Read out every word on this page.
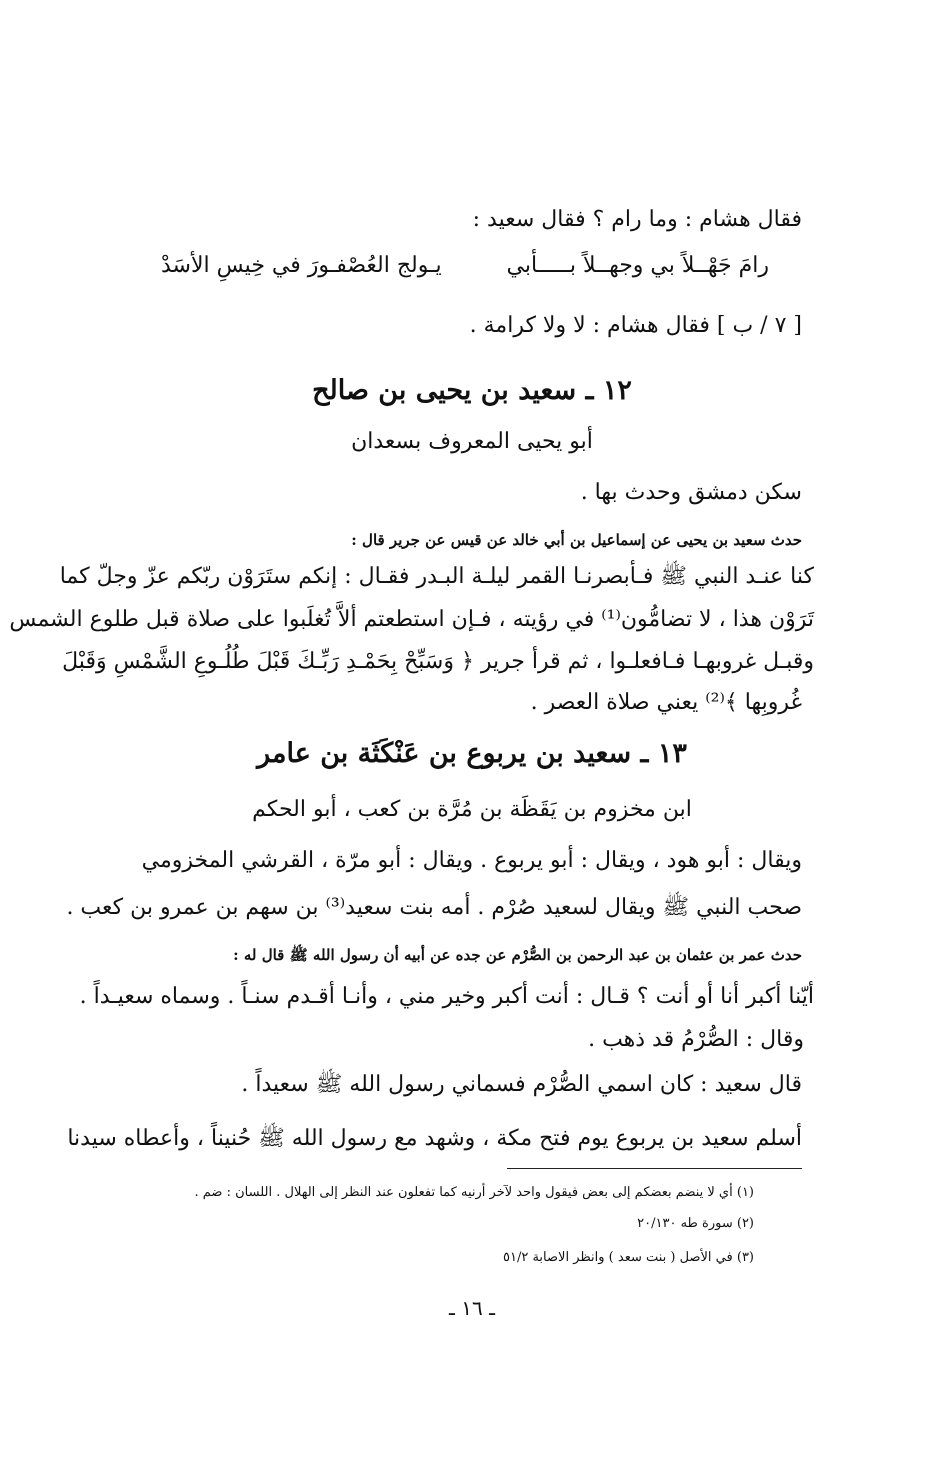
فقال هشام : وما رام ؟ فقال سعيد :
رامَ جَهْــلاً بي وجهــلاً بـــــأبي
يـولج العُصْفـورَ في خِيسِ الأسَدْ
[ ٧ / ب ] فقال هشام : لا ولا كرامة .
١٢ ـ سعيد بن يحيى بن صالح
أبو يحيى المعروف بسعدان
سكن دمشق وحدث بها .
حدث سعيد بن يحيى عن إسماعيل بن أبي خالد عن قيس عن جرير قال :
كنا عنـد النبي ﷺ فـأبصرنـا القمر ليلـة البـدر فقـال : إنكم ستَرَوْن ربّكم عزّ وجلّ كما
تَرَوْن هذا ، لا تضامُّون⁽¹⁾ في رؤيته ، فـإن استطعتم ألاَّ تُغلَبوا على صلاة قبل طلوع الشمس
وقبـل غروبهـا فـافعلـوا ، ثم قرأ جرير ﴿ وَسَبِّحْ بِحَمْـدِ رَبِّـكَ قَبْلَ طُلُـوعِ الشَّمْسِ وَقَبْلَ
غُروبِها ﴾⁽²⁾ يعني صلاة العصر .
١٣ ـ سعيد بن يربوع بن عَنْكَثَة بن عامر
ابن مخزوم بن يَقَظَة بن مُرَّة بن كعب ، أبو الحكم
ويقال : أبو هود ، ويقال : أبو يربوع . ويقال : أبو مرّة ، القرشي المخزومي
صحب النبي ﷺ ويقال لسعيد صُرْم . أمه بنت سعيد⁽³⁾ بن سهم بن عمرو بن كعب .
حدث عمر بن عثمان بن عبد الرحمن بن الصُّرْم عن جده عن أبيه أن رسول الله ﷺ قال له :
أيّنا أكبر أنا أو أنت ؟ قـال : أنت أكبر وخير مني ، وأنـا أقـدم سنـاً . وسماه سعيـداً .
وقال : الصُّرْمُ قد ذهب .
قال سعيد : كان اسمي الصُّرْم فسماني رسول الله ﷺ سعيداً .
أسلم سعيد بن يربوع يوم فتح مكة ، وشهد مع رسول الله ﷺ حُنيناً ، وأعطاه سيدنا
(١) أي لا ينضم بعضكم إلى بعض فيقول واحد لآخر أرنيه كما تفعلون عند النظر إلى الهلال . اللسان : ضم .
(٢) سورة طه ٢٠/١٣٠
(٣) في الأصل ( بنت سعد ) وانظر الاصابة ٥١/٢
ـ ١٦ ـ
